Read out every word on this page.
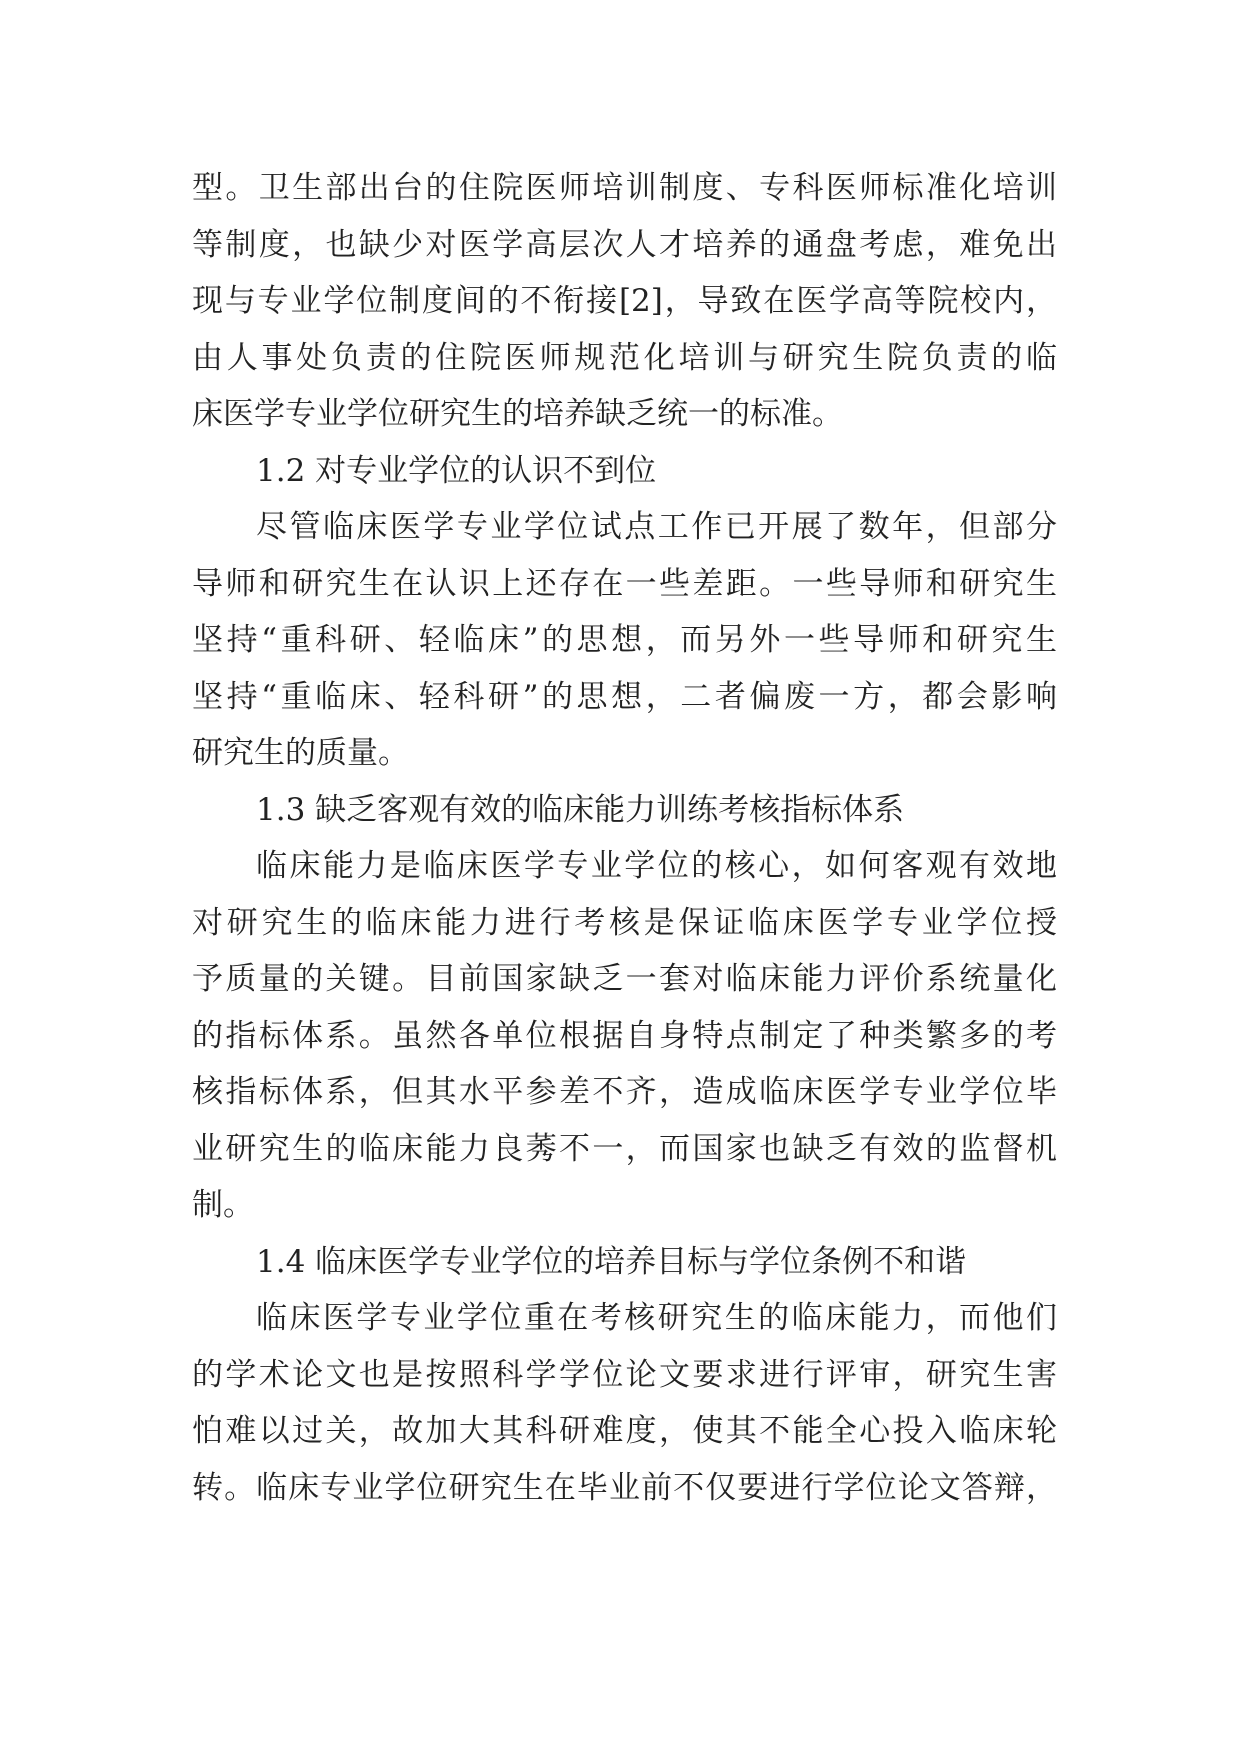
型。卫生部出台的住院医师培训制度、专科医师标准化培训
等制度，也缺少对医学高层次人才培养的通盘考虑，难免出
现与专业学位制度间的不衔接[2]，导致在医学高等院校内，
由人事处负责的住院医师规范化培训与研究生院负责的临
床医学专业学位研究生的培养缺乏统一的标准。
1.2 对专业学位的认识不到位
尽管临床医学专业学位试点工作已开展了数年，但部分
导师和研究生在认识上还存在一些差距。一些导师和研究生
坚持“重科研、轻临床”的思想，而另外一些导师和研究生
坚持“重临床、轻科研”的思想，二者偏废一方，都会影响
研究生的质量。
1.3 缺乏客观有效的临床能力训练考核指标体系
临床能力是临床医学专业学位的核心，如何客观有效地
对研究生的临床能力进行考核是保证临床医学专业学位授
予质量的关键。目前国家缺乏一套对临床能力评价系统量化
的指标体系。虽然各单位根据自身特点制定了种类繁多的考
核指标体系，但其水平参差不齐，造成临床医学专业学位毕
业研究生的临床能力良莠不一，而国家也缺乏有效的监督机
制。
1.4 临床医学专业学位的培养目标与学位条例不和谐
临床医学专业学位重在考核研究生的临床能力，而他们
的学术论文也是按照科学学位论文要求进行评审，研究生害
怕难以过关，故加大其科研难度，使其不能全心投入临床轮
转。临床专业学位研究生在毕业前不仅要进行学位论文答辩，
